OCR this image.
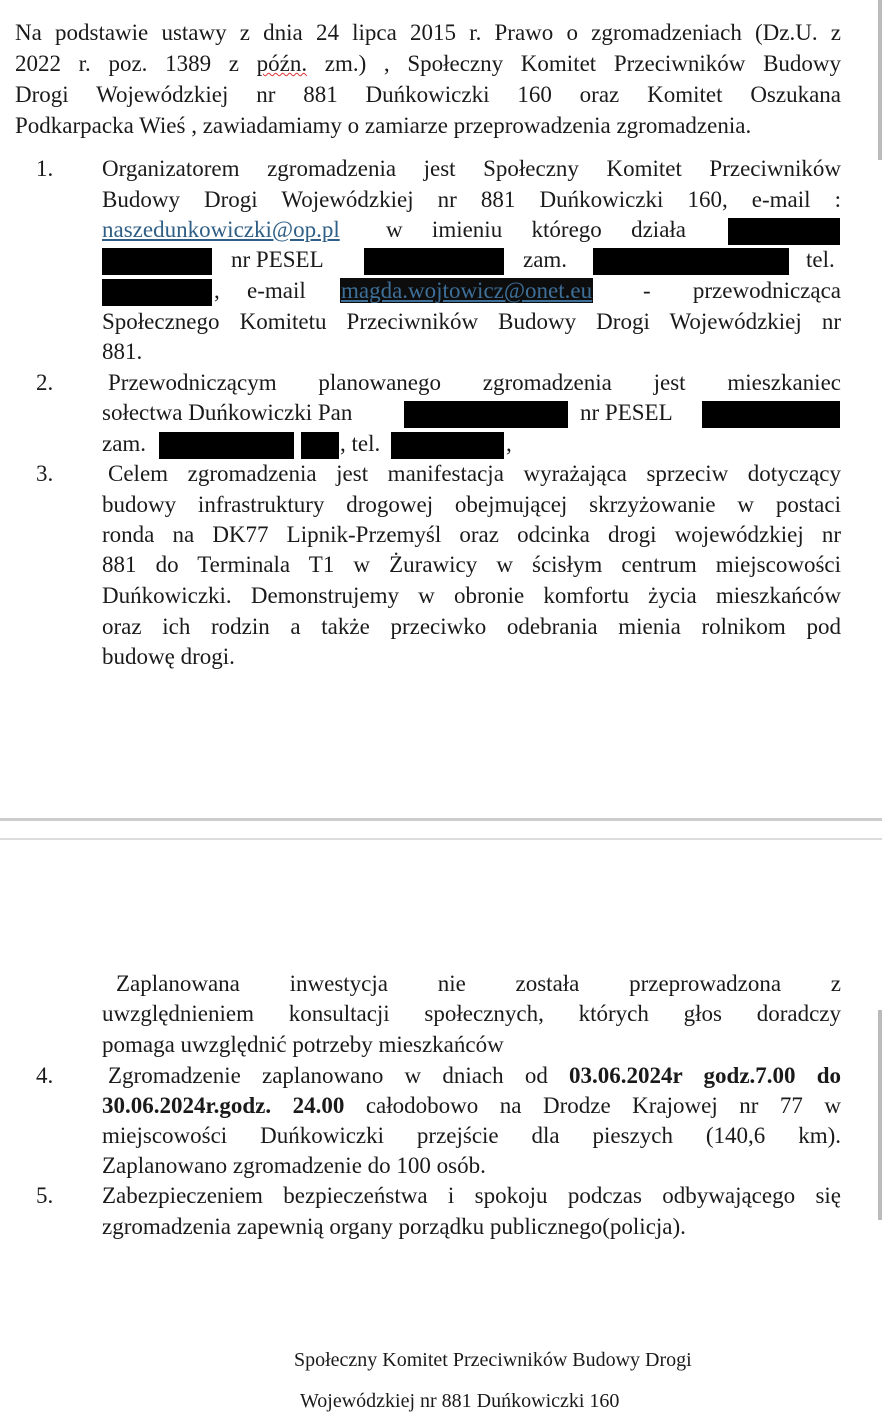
Na podstawie ustawy z dnia 24 lipca 2015 r. Prawo o zgromadzeniach (Dz.U. z
2022 r. poz. 1389 z późn. zm.) , Społeczny Komitet Przeciwników Budowy
Drogi Wojewódzkiej nr 881 Duńkowiczki 160 oraz Komitet Oszukana
Podkarpacka Wieś , zawiadamiamy o zamiarze przeprowadzenia zgromadzenia.
1. Organizatorem zgromadzenia jest Społeczny Komitet Przeciwników
Budowy Drogi Wojewódzkiej nr 881 Duńkowiczki 160, e-mail :
naszedunkowiczki@op.pl w imieniu którego działa
nr PESEL	zam.	tel.
, e-mail magda.wojtowicz@onet.eu - przewodnicząca
Społecznego Komitetu Przeciwników Budowy Drogi Wojewódzkiej nr
881.
2. Przewodniczącym planowanego zgromadzenia jest mieszkaniec
sołectwa Duńkowiczki Pan	nr PESEL
zam.	, tel.	,
3. Celem zgromadzenia jest manifestacja wyrażająca sprzeciw dotyczący
budowy infrastruktury drogowej obejmującej skrzyżowanie w postaci
ronda na DK77 Lipnik-Przemyśl oraz odcinka drogi wojewódzkiej nr
881 do Terminala T1 w Żurawicy w ścisłym centrum miejscowości
Duńkowiczki. Demonstrujemy w obronie komfortu życia mieszkańców
oraz ich rodzin a także przeciwko odebrania mienia rolnikom pod
budowę drogi.
Zaplanowana inwestycja nie została przeprowadzona z
uwzględnieniem konsultacji społecznych, których głos doradczy
pomaga uwzględnić potrzeby mieszkańców
4. Zgromadzenie zaplanowano w dniach od 03.06.2024r godz.7.00 do
30.06.2024r.godz. 24.00 całodobowo na Drodze Krajowej nr 77 w
miejscowości Duńkowiczki przejście dla pieszych (140,6 km).
Zaplanowano zgromadzenie do 100 osób.
5. Zabezpieczeniem bezpieczeństwa i spokoju podczas odbywającego się
zgromadzenia zapewnią organy porządku publicznego(policja).
Społeczny Komitet Przeciwników Budowy Drogi
Wojewódzkiej nr 881 Duńkowiczki 160
